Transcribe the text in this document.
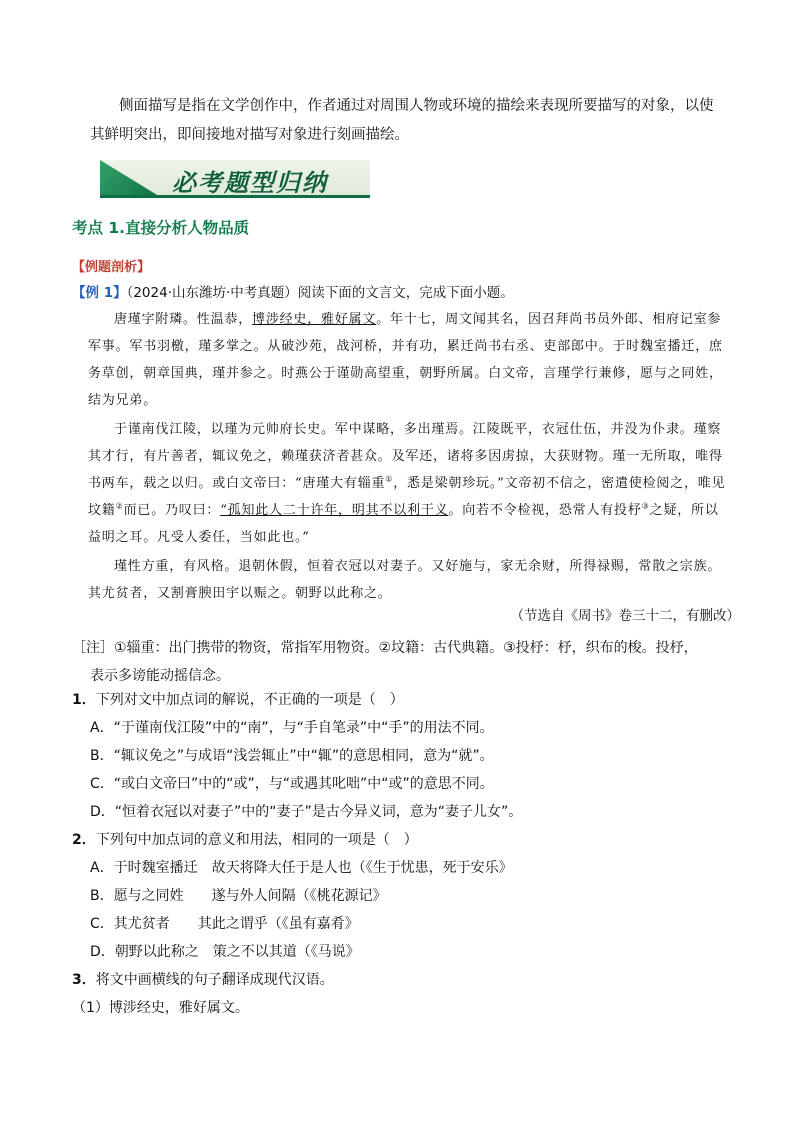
侧面描写是指在文学创作中，作者通过对周围人物或环境的描绘来表现所要描写的对象，以使其鲜明突出，即间接地对描写对象进行刻画描绘。
必考题型归纳
考点 1.直接分析人物品质
【例题剖析】
【例 1】（2024·山东潍坊·中考真题）阅读下面的文言文，完成下面小题。

唐瑾字附璘。性温恭，博涉经史，雅好属文。年十七，周文闻其名，因召拜尚书员外郎、相府记室参军事。军书羽檄，瑾多掌之。从破沙苑，战河桥，并有功，累迁尚书右丞、吏部郎中。于时魏室播迁，庶务草创，朝章国典，瑾并参之。时燕公于谨勋高望重，朝野所属。白文帝，言瑾学行兼修，愿与之同姓，结为兄弟。

于谨南伐江陵，以瑾为元帅府长史。军中谋略，多出瑾焉。江陵既平，衣冠仕伍，并没为仆隶。瑾察其才行，有片善者，辄议免之，赖瑾获济者甚众。及军还，诸将多因虏掠，大获财物。瑾一无所取，唯得书两车，载之以归。或白文帝曰：“唐瑾大有辎重①，悉是梁朝珍玩。”文帝初不信之，密遣使检阅之，唯见坟籍②而已。乃叹曰：“孤知此人二十许年，明其不以利干义。向若不令检视，恐常人有投杼③之疑，所以益明之耳。凡受人委任，当如此也。”

瑾性方重，有风格。退朝休假，恒着衣冠以对妻子。又好施与，家无余财，所得禄赐，常散之宗族。其尤贫者，又割膏腴田宇以赈之。朝野以此称之。

（节选自《周书》卷三十二，有删改）
［注］①辎重：出门携带的物资，常指军用物资。②坟籍：古代典籍。③投杼：杼，织布的梭。投杼，
表示多谤能动摇信念。
1．下列对文中加点词的解说，不正确的一项是（　）
A．“于谨南伐江陵”中的“南”，与“手自笔录”中“手”的用法不同。
B．“辄议免之”与成语“浅尝辄止”中“辄”的意思相同，意为“就”。
C．“或白文帝曰”中的“或”，与“或遇其叱咄”中“或”的意思不同。
D．“恒着衣冠以对妻子”中的“妻子”是古今异义词，意为“妻子儿女”。
2．下列句中加点词的意义和用法，相同的一项是（　）
A．于时魏室播迁　故天将降大任于是人也（《生于忧患，死于安乐》
B．愿与之同姓　　遂与外人间隔（《桃花源记》
C．其尤贫者　　其此之谓乎（《虽有嘉肴》
D．朝野以此称之　策之不以其道（《马说》
3．将文中画横线的句子翻译成现代汉语。
（1）博涉经史，雅好属文。
